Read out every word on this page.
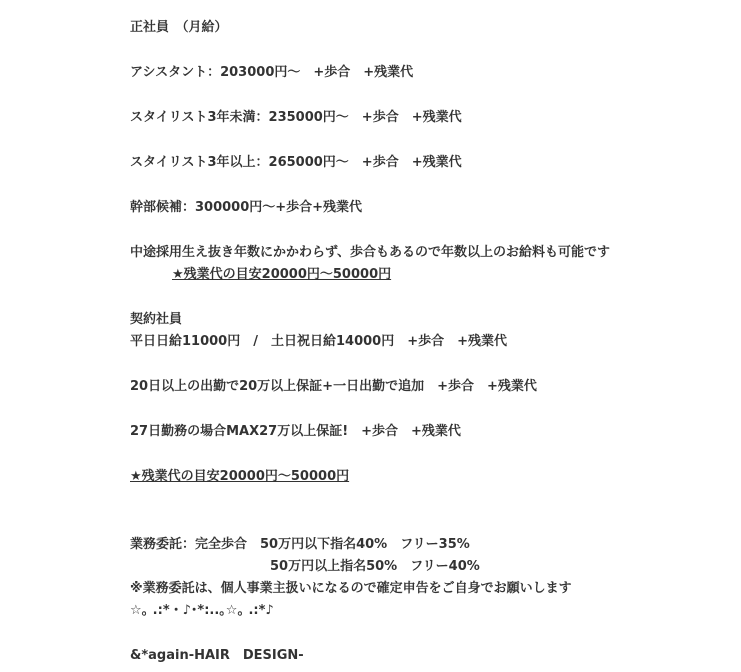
正社員　（月給）
アシスタント：203000円～　+歩合　+残業代
スタイリスト3年未満：235000円～　+歩合　+残業代
スタイリスト3年以上：265000円～　+歩合　+残業代
幹部候補：300000円～+歩合+残業代
中途採用生え抜き年数にかかわらず、歩合もあるので年数以上のお給料も可能です
★残業代の目安20000円～50000円
契約社員
平日日給11000円　/　土日祝日給14000円　+歩合　+残業代
20日以上の出勤で20万以上保証+一日出勤で追加　+歩合　+残業代
27日勤務の場合MAX27万以上保証!　+歩合　+残業代
★残業代の目安20000円～50000円
業務委託：完全歩合　50万円以下指名40%　フリー35%
50万円以上指名50%　フリー40%
※業務委託は、個人事業主扱いになるので確定申告をご自身でお願いします
☆｡ .:*・♪･*:..｡☆｡ .:*♪
&*again-HAIR　DESIGN-
